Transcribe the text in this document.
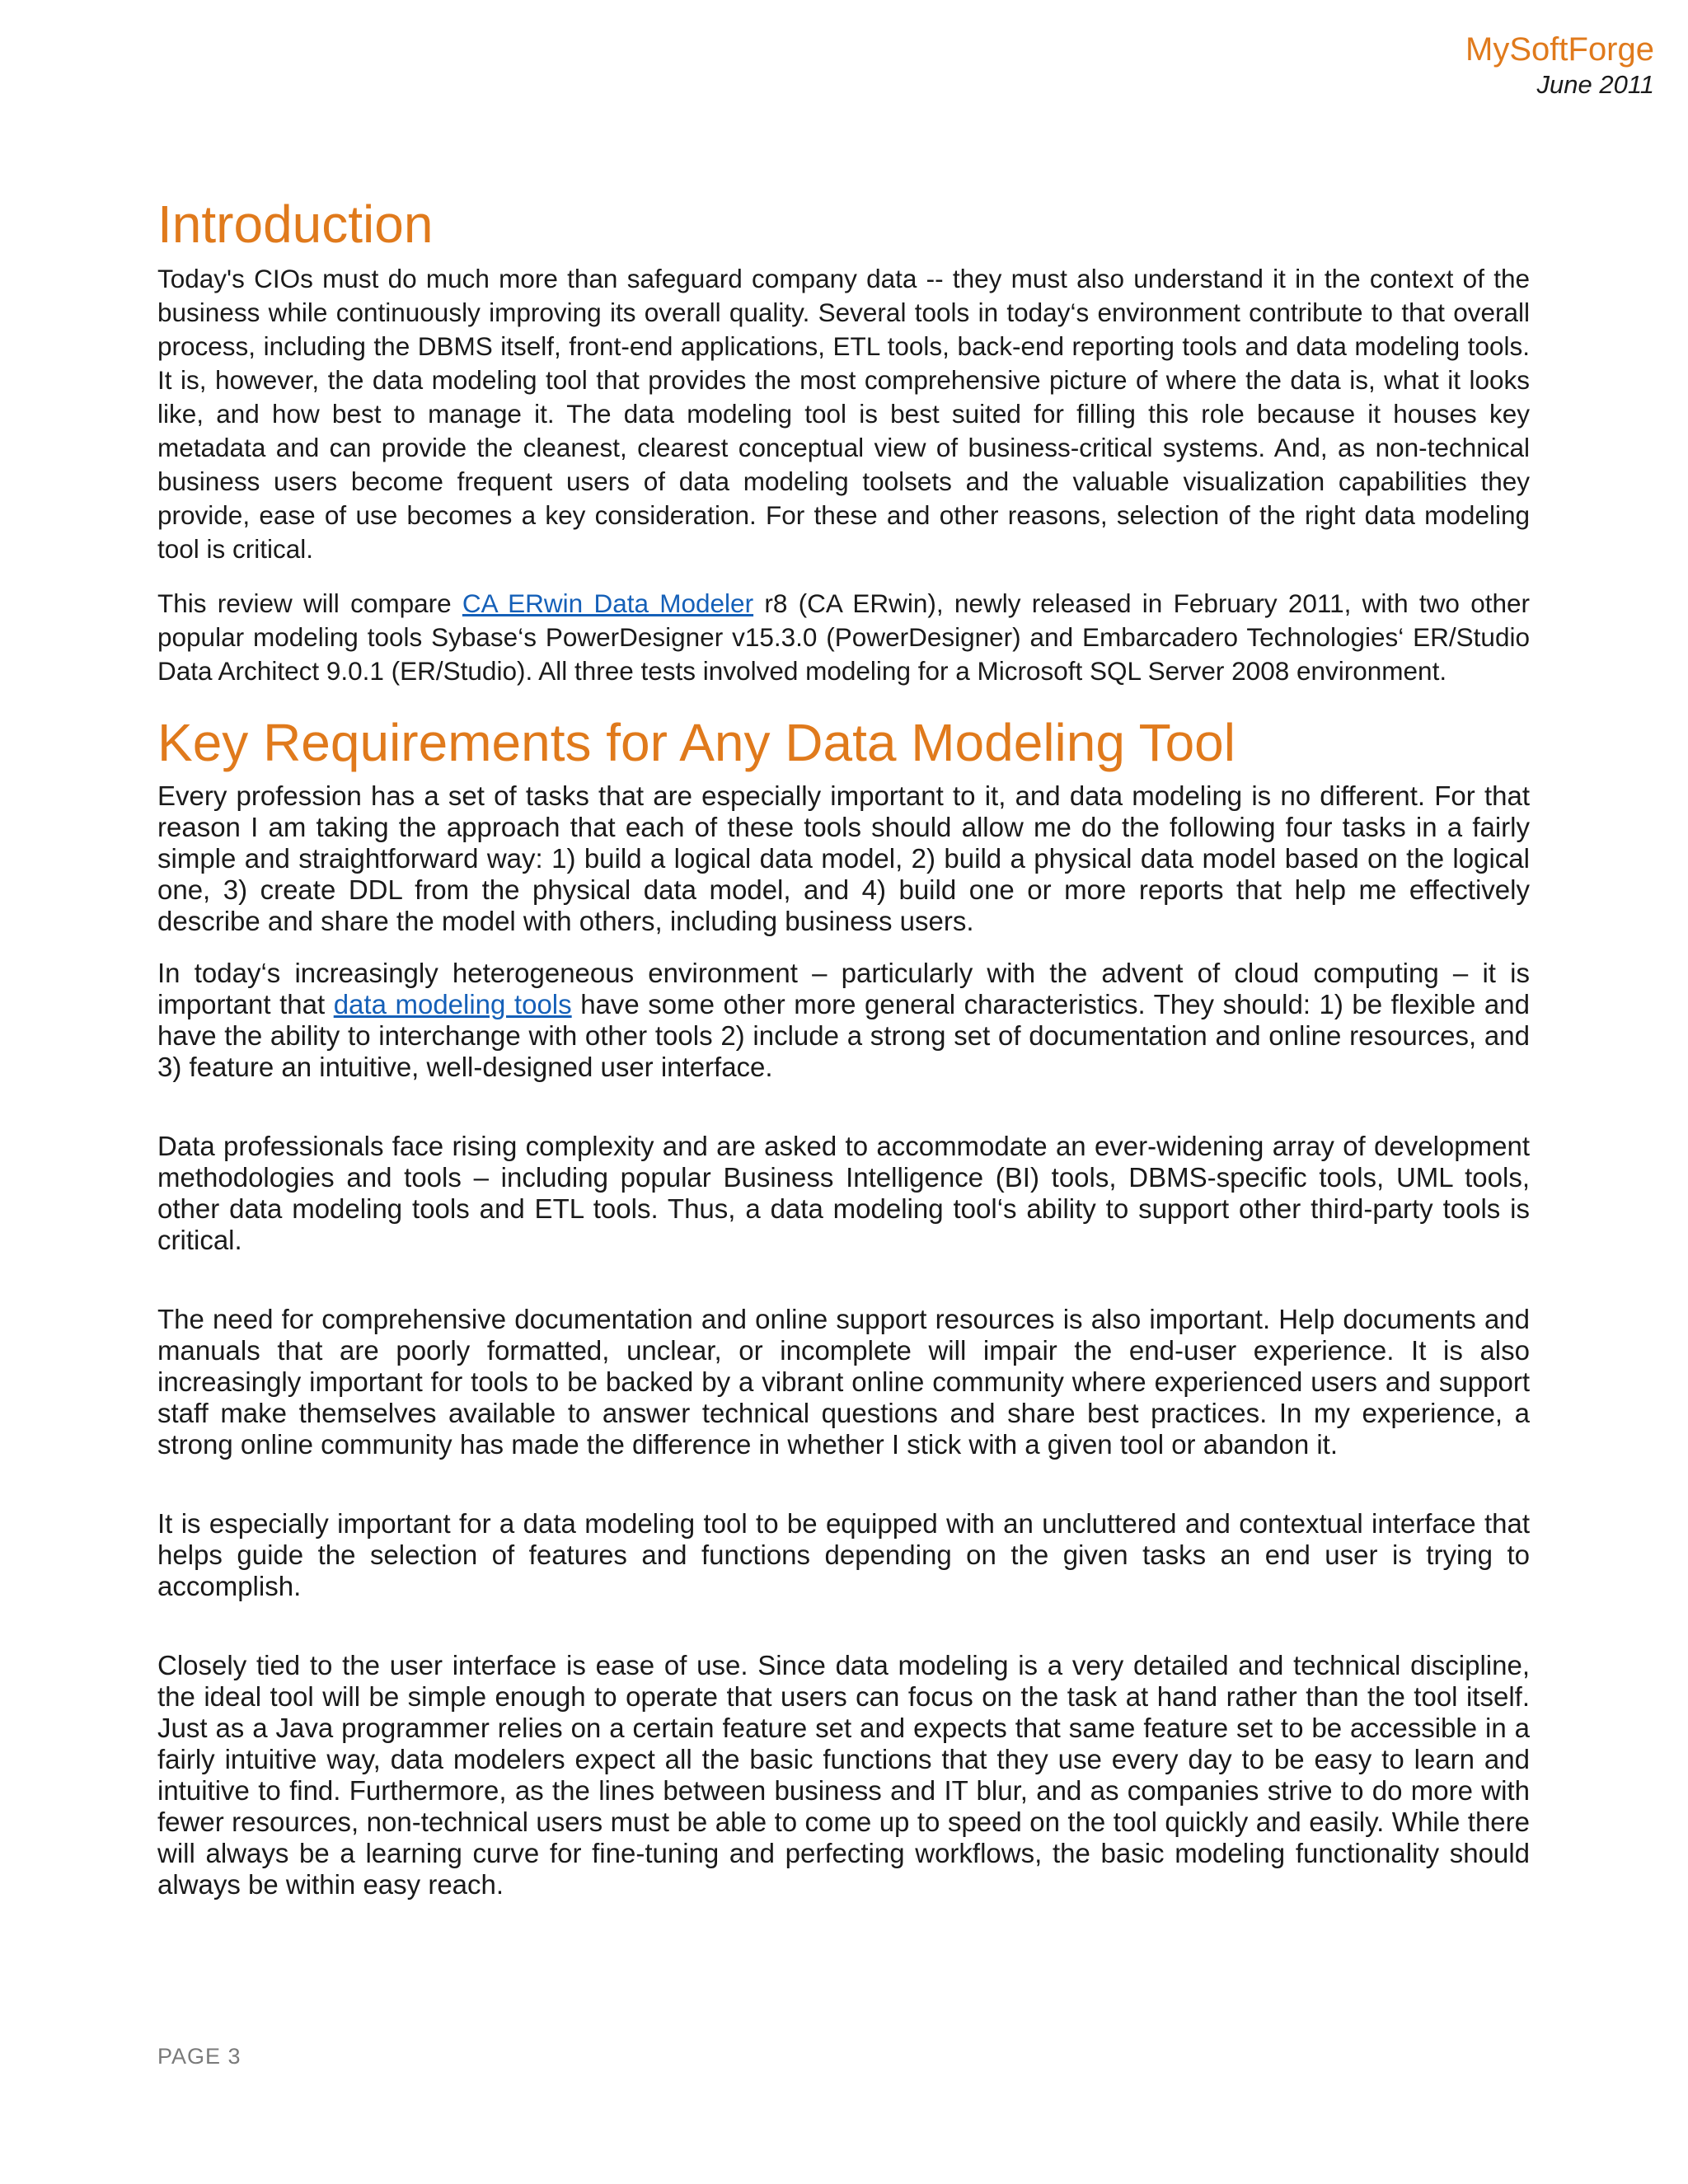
MySoftForge
June 2011
Introduction

Today's CIOs must do much more than safeguard company data -- they must also understand it in the context of the business while continuously improving its overall quality. Several tools in today‘s environment contribute to that overall process, including the DBMS itself, front-end applications, ETL tools, back-end reporting tools and data modeling tools. It is, however, the data modeling tool that provides the most comprehensive picture of where the data is, what it looks like, and how best to manage it. The data modeling tool is best suited for filling this role because it houses key metadata and can provide the cleanest, clearest conceptual view of business-critical systems. And, as non-technical business users become frequent users of data modeling toolsets and the valuable visualization capabilities they provide, ease of use becomes a key consideration. For these and other reasons, selection of the right data modeling tool is critical.

This review will compare CA ERwin Data Modeler r8 (CA ERwin), newly released in February 2011, with two other popular modeling tools Sybase‘s PowerDesigner v15.3.0 (PowerDesigner) and Embarcadero Technologies‘ ER/Studio Data Architect 9.0.1 (ER/Studio). All three tests involved modeling for a Microsoft SQL Server 2008 environment.

Key Requirements for Any Data Modeling Tool

Every profession has a set of tasks that are especially important to it, and data modeling is no different. For that reason I am taking the approach that each of these tools should allow me do the following four tasks in a fairly simple and straightforward way: 1) build a logical data model, 2) build a physical data model based on the logical one, 3) create DDL from the physical data model, and 4) build one or more reports that help me effectively describe and share the model with others, including business users.

In today‘s increasingly heterogeneous environment – particularly with the advent of cloud computing – it is important that data modeling tools have some other more general characteristics. They should: 1) be flexible and have the ability to interchange with other tools 2) include a strong set of documentation and online resources, and 3) feature an intuitive, well-designed user interface.

Data professionals face rising complexity and are asked to accommodate an ever-widening array of development methodologies and tools – including popular Business Intelligence (BI) tools, DBMS-specific tools, UML tools, other data modeling tools and ETL tools. Thus, a data modeling tool‘s ability to support other third-party tools is critical.

The need for comprehensive documentation and online support resources is also important. Help documents and manuals that are poorly formatted, unclear, or incomplete will impair the end-user experience. It is also increasingly important for tools to be backed by a vibrant online community where experienced users and support staff make themselves available to answer technical questions and share best practices. In my experience, a strong online community has made the difference in whether I stick with a given tool or abandon it.

It is especially important for a data modeling tool to be equipped with an uncluttered and contextual interface that helps guide the selection of features and functions depending on the given tasks an end user is trying to accomplish.

Closely tied to the user interface is ease of use. Since data modeling is a very detailed and technical discipline, the ideal tool will be simple enough to operate that users can focus on the task at hand rather than the tool itself. Just as a Java programmer relies on a certain feature set and expects that same feature set to be accessible in a fairly intuitive way, data modelers expect all the basic functions that they use every day to be easy to learn and intuitive to find. Furthermore, as the lines between business and IT blur, and as companies strive to do more with fewer resources, non-technical users must be able to come up to speed on the tool quickly and easily. While there will always be a learning curve for fine-tuning and perfecting workflows, the basic modeling functionality should always be within easy reach.

PAGE 3
